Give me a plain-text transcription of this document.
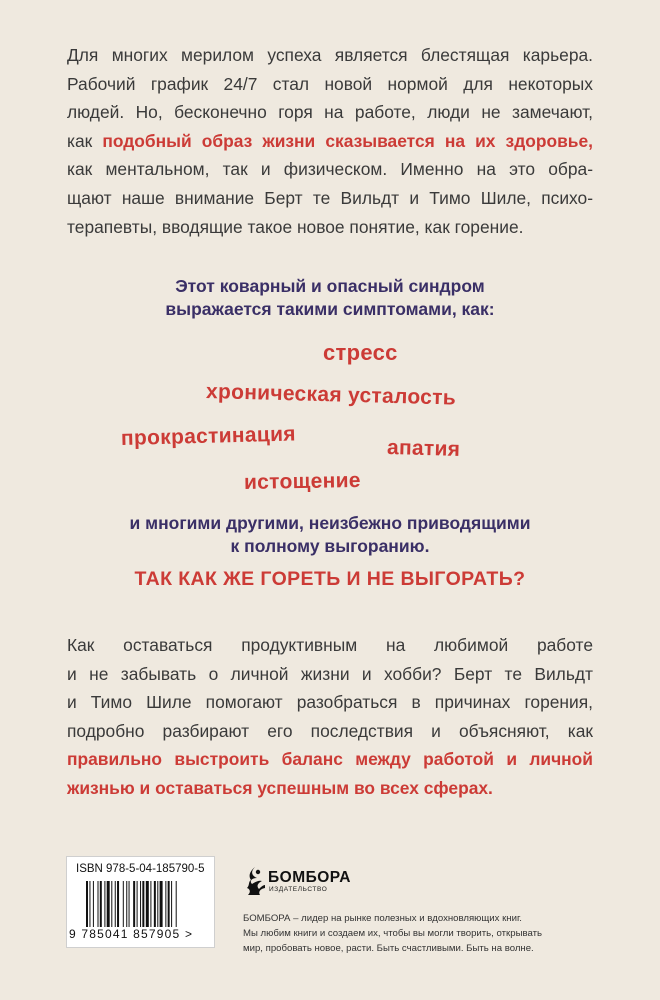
Для многих мерилом успеха является блестящая карьера.
Рабочий график 24/7 стал новой нормой для некоторых
людей. Но, бесконечно горя на работе, люди не замечают,
как подобный образ жизни сказывается на их здоровье,
как ментальном, так и физическом. Именно на это обра-
щают наше внимание Берт те Вильдт и Тимо Шиле, психо-
терапевты, вводящие такое новое понятие, как горение.
Этот коварный и опасный синдром
выражается такими симптомами, как:
стресс
хроническая усталость
прокрастинация	апатия
истощение
и многими другими, неизбежно приводящими
к полному выгоранию.
ТАК КАК ЖЕ ГОРЕТЬ И НЕ ВЫГОРАТЬ?
Как оставаться продуктивным на любимой работе
и не забывать о личной жизни и хобби? Берт те Вильдт
и Тимо Шиле помогают разобраться в причинах горения,
подробно разбирают его последствия и объясняют, как
правильно выстроить баланс между работой и личной
жизнью и оставаться успешным во всех сферах.
ISBN 978-5-04-185790-5
9 785041 857905 >
БОМБОРА
ИЗДАТЕЛЬСТВО
БОМБОРА – лидер на рынке полезных и вдохновляющих книг.
Мы любим книги и создаем их, чтобы вы могли творить, открывать
мир, пробовать новое, расти. Быть счастливыми. Быть на волне.
